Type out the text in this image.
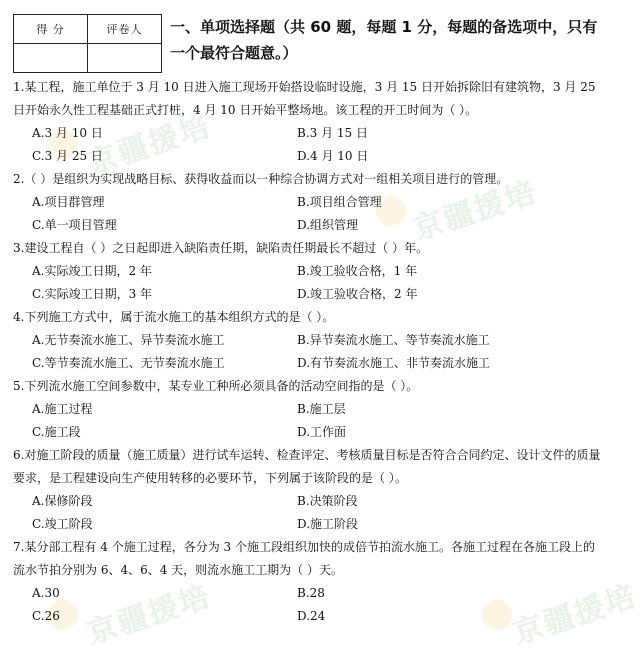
京疆援培
京疆援培
京疆援培	京疆援培
得 分	评卷人
	一、单项选择题（共 60 题，每题 1 分，每题的备选项中，只有一个最符合题意。）

1.某工程，施工单位于 3 月 10 日进入施工现场开始搭设临时设施，3 月 15 日开始拆除旧有建筑物，3 月 25 日开始永久性工程基础正式打桩，4 月 10 日开始平整场地。该工程的开工时间为（ ）。

A.3 月 10 日	B.3 月 15 日
C.3 月 25 日	D.4 月 10 日

2.（ ）是组织为实现战略目标、获得收益而以一种综合协调方式对一组相关项目进行的管理。

A.项目群管理	B.项目组合管理
C.单一项目管理	D.组织管理

3.建设工程自（ ）之日起即进入缺陷责任期，缺陷责任期最长不超过（ ）年。

A.实际竣工日期，2 年	B.竣工验收合格，1 年
C.实际竣工日期，3 年	D.竣工验收合格，2 年

4.下列施工方式中，属于流水施工的基本组织方式的是（ ）。

A.无节奏流水施工、异节奏流水施工	B.异节奏流水施工、等节奏流水施工
C.等节奏流水施工、无节奏流水施工	D.有节奏流水施工、非节奏流水施工

5.下列流水施工空间参数中，某专业工种所必须具备的活动空间指的是（ ）。

A.施工过程	B.施工层
C.施工段	D.工作面

6.对施工阶段的质量（施工质量）进行试车运转、检查评定、考核质量目标是否符合合同约定、设计文件的质量要求，是工程建设向生产使用转移的必要环节，下列属于该阶段的是（ ）。

A.保修阶段	B.决策阶段
C.竣工阶段	D.施工阶段

7.某分部工程有 4 个施工过程，各分为 3 个施工段组织加快的成倍节拍流水施工。各施工过程在各施工段上的流水节拍分别为 6、4、6、4 天，则流水施工工期为（ ）天。

A.30	B.28
C.26	D.24
